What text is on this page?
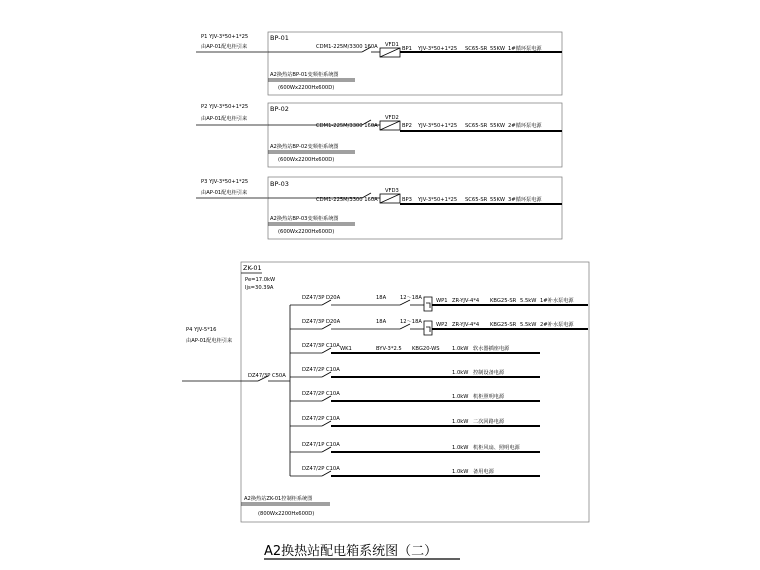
P1 YJV-3*50+1*25
由AP-01配电柜引来
BP-01
CDM1-225M/3300 160A VFD1
BP1 YJV-3*50+1*25 SC65-SR 55KW 1#循环泵电源
A2换热站BP-01变频柜系统图
(600Wx2200Hx600D)
P2 YJV-3*50+1*25
由AP-01配电柜引来
BP-02
CDM1-225M/3300 160A
VFD2
BP2 YJV-3*50+1*25 SC65-SR 55KW 2#循环泵电源
A2换热站BP-02变频柜系统图
(600Wx2200Hx600D)
P3 YJV-3*50+1*25
由AP-01配电柜引来
BP-03
CDM1-225M/3300 160A
VFD3
BP3 YJV-3*50+1*25 SC65-SR 55KW 3#循环泵电源
A2换热站BP-03变频柜系统图
(600Wx2200Hx600D)
ZK-01
Pe=17.0kW
Ijs=30.39A
P4 YJV-5*16
由AP-01配电柜引来
DZ47/3P C50A
DZ47/3P D20A	18A	12～18A	WP1 ZR-YJV-4*4 KBG25-SR 5.5kW 1#补水泵电源
DZ47/3P D20A	18A	12～18A	WP2 ZR-YJV-4*4 KBG25-SR 5.5kW 2#补水泵电源
DZ47/3P C10A WK1	BYV-3*2.5 KBG20-WS 1.0kW 软水器插座电源
DZ47/2P C10A	1.0kW 控制设备电源
DZ47/2P C10A	1.0kW 机柜照明电源
DZ47/2P C10A	1.0kW 二次回路电源
DZ47/1P C10A	1.0kW 机柜风扇、照明电源
DZ47/2P C10A	1.0kW 备用电源
A2换热站ZK-01控制柜系统图
(800Wx2200Hx600D)
A2换热站配电箱系统图（二）
